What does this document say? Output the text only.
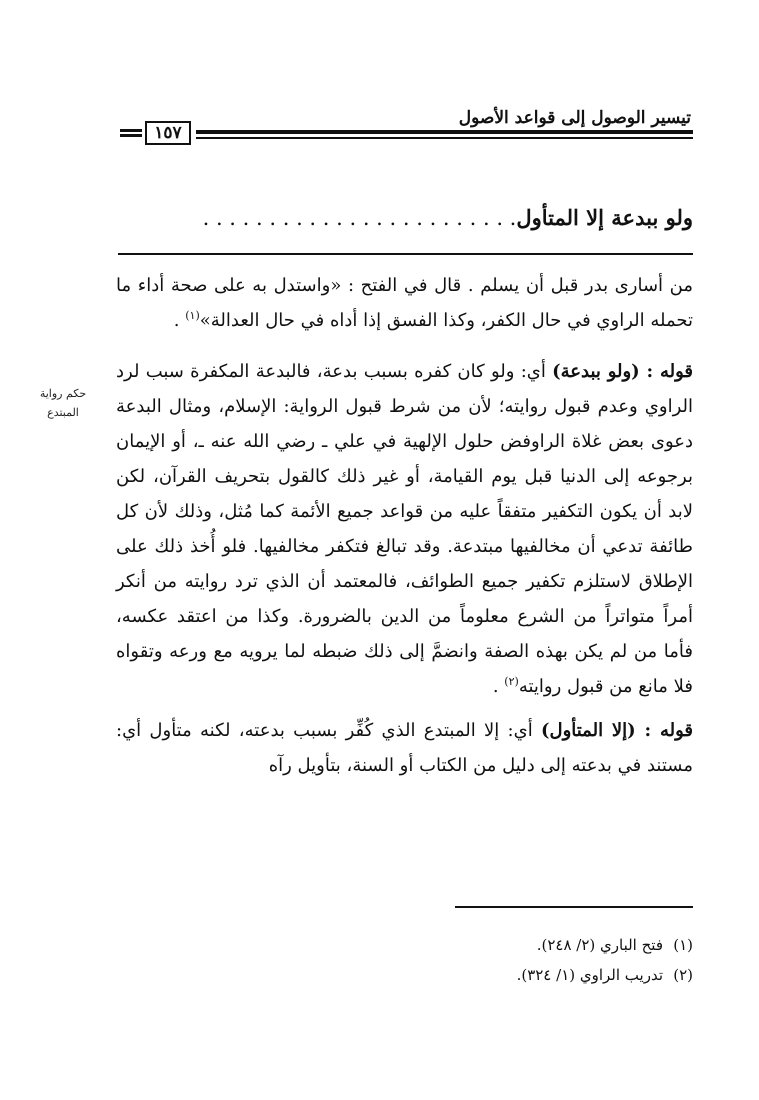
تيسير الوصول إلى قواعد الأصول
١٥٧
ولو ببدعة إلا المتأول. . . . . . . . . . . . . . . . . . . . . . . .
حكم رواية
المبتدع

من أسارى بدر قبل أن يسلم . قال في الفتح : «واستدل به على صحة أداء ما تحمله الراوي في حال الكفر، وكذا الفسق إذا أداه في حال العدالة»$^{(١)}$ .

قوله : (ولو ببدعة) أي: ولو كان كفره بسبب بدعة، فالبدعة المكفرة سبب لرد الراوي وعدم قبول روايته؛ لأن من شرط قبول الرواية: الإسلام، ومثال البدعة دعوى بعض غلاة الراوفض حلول الإلهية في علي ـ رضي الله عنه ـ، أو الإيمان برجوعه إلى الدنيا قبل يوم القيامة، أو غير ذلك كالقول بتحريف القرآن، لكن لابد أن يكون التكفير متفقاً عليه من قواعد جميع الأئمة كما مُثل، وذلك لأن كل طائفة تدعي أن مخالفيها مبتدعة. وقد تبالغ فتكفر مخالفيها. فلو أُخذ ذلك على الإطلاق لاستلزم تكفير جميع الطوائف، فالمعتمد أن الذي ترد روايته من أنكر أمراً متواتراً من الشرع معلوماً من الدين بالضرورة. وكذا من اعتقد عكسه، فأما من لم يكن بهذه الصفة وانضمَّ إلى ذلك ضبطه لما يرويه مع ورعه وتقواه فلا مانع من قبول روايته$^{(٢)}$ .

قوله : (إلا المتأول) أي: إلا المبتدع الذي كُفِّر بسبب بدعته، لكنه متأول أي: مستند في بدعته إلى دليل من الكتاب أو السنة، بتأويل رآه

(١)فتح الباري (٢/ ٢٤٨).
(٢)تدريب الراوي (١/ ٣٢٤).
